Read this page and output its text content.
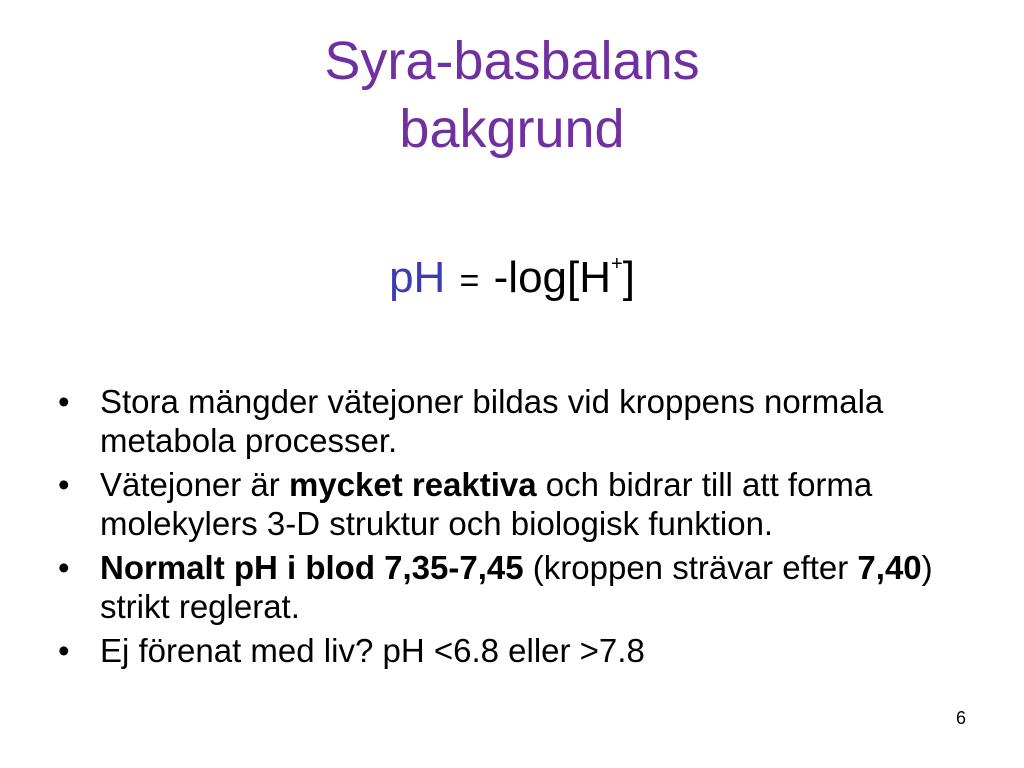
Syra-basbalans
bakgrund
pH = -log[H+]
• Stora mängder vätejoner bildas vid kroppens normala metabola processer.
• Vätejoner är mycket reaktiva och bidrar till att forma molekylers 3-D struktur och biologisk funktion.
• Normalt pH i blod 7,35-7,45 (kroppen strävar efter 7,40) strikt reglerat.
• Ej förenat med liv? pH <6.8 eller >7.8
6
